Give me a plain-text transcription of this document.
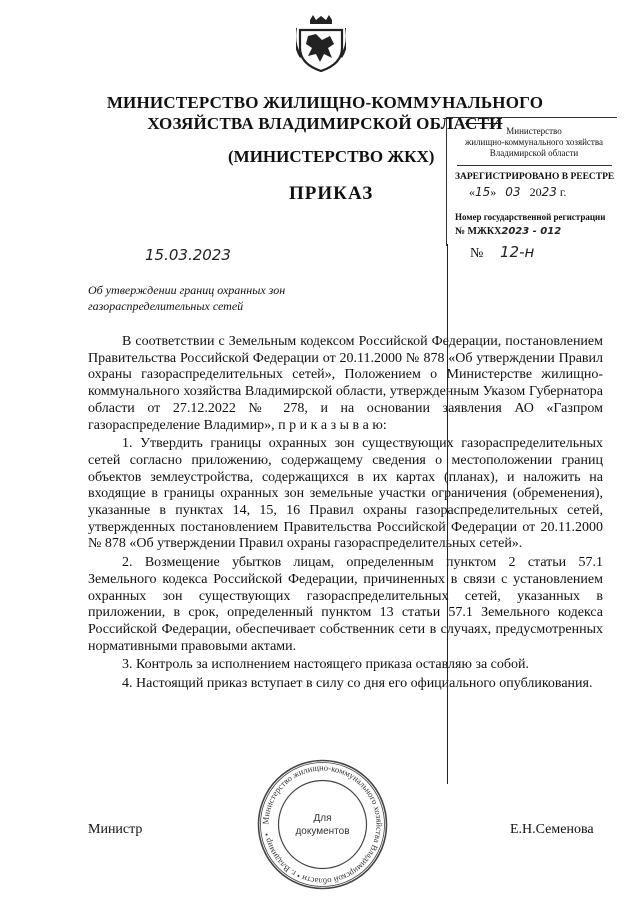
МИНИСТЕРСТВО ЖИЛИЩНО-КОММУНАЛЬНОГО
ХОЗЯЙСТВА ВЛАДИМИРСКОЙ ОБЛАСТИ
(МИНИСТЕРСТВО ЖКХ)
ПРИКАЗ
Министерство
жилищно-коммунального хозяйства
Владимирской области
ЗАРЕГИСТРИРОВАНО В РЕЕСТРЕ
«15»   03 2023 г.
Номер государственной регистрации
№ МЖКХ2023 - 012
15.03.2023	№ 12-н
Об утверждении границ охранных зон газораспределительных сетей

В соответствии с Земельным кодексом Российской Федерации, постановлением Правительства Российской Федерации от 20.11.2000 № 878 «Об утверждении Правил охраны газораспределительных сетей», Положением о Министерстве жилищно-коммунального хозяйства Владимирской области, утвержденным Указом Губернатора области от 27.12.2022 № 278, и на основании заявления АО «Газпром газораспределение Владимир», п р и к а з ы в а ю:

1. Утвердить границы охранных зон существующих газораспределительных сетей согласно приложению, содержащему сведения о местоположении границ объектов землеустройства, содержащихся в их картах (планах), и наложить на входящие в границы охранных зон земельные участки ограничения (обременения), указанные в пунктах 14, 15, 16 Правил охраны газораспределительных сетей, утвержденных постановлением Правительства Российской Федерации от 20.11.2000 № 878 «Об утверждении Правил охраны газораспределительных сетей».

2. Возмещение убытков лицам, определенным пунктом 2 статьи 57.1 Земельного кодекса Российской Федерации, причиненных в связи с установлением охранных зон существующих газораспределительных сетей, указанных в приложении, в срок, определенный пунктом 13 статьи 57.1 Земельного кодекса Российской Федерации, обеспечивает собственник сети в случаях, предусмотренных нормативными правовыми актами.

3. Контроль за исполнением настоящего приказа оставляю за собой.

4. Настоящий приказ вступает в силу со дня его официального опубликования.

Министерство жилищно-коммунального хозяйства Владимирской области • г. Владимир •
Для
документов
Министр	Е.Н.Семенова
